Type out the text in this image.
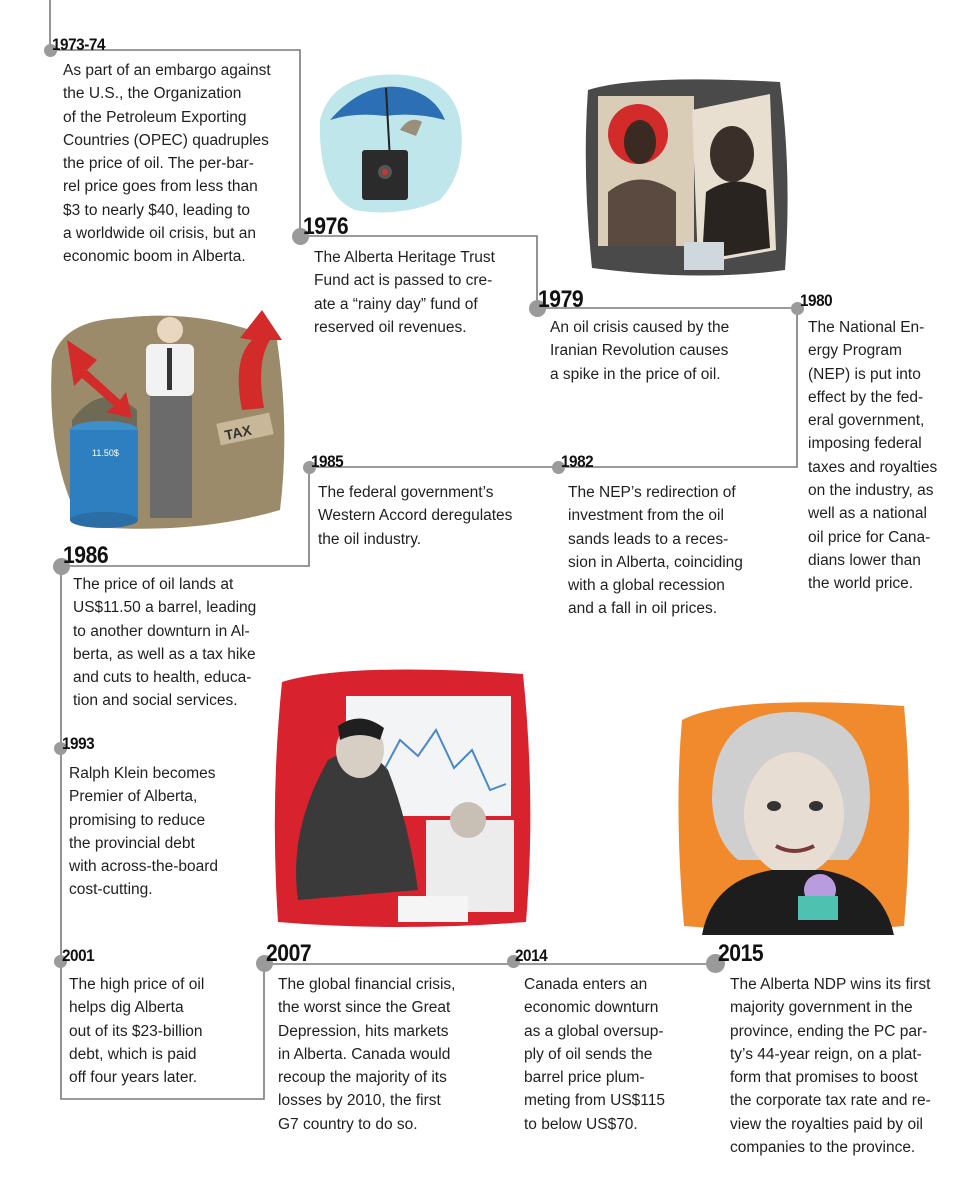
11.50$
TAX
1973-74
1976
1979	1980
1985	1982
1986
1993
2001	2007	2014	2015
As part of an embargo against
the U.S., the Organization
of the Petroleum Exporting
Countries (OPEC) quadruples
the price of oil. The per-bar-
rel price goes from less than
$3 to nearly $40, leading to
a worldwide oil crisis, but an
economic boom in Alberta.	The Alberta Heritage Trust
Fund act is passed to cre-
ate a “rainy day” fund of
reserved oil revenues.	An oil crisis caused by the
Iranian Revolution causes
a spike in the price of oil.
The National En-
ergy Program
(NEP) is put into
effect by the fed-
eral government,
imposing federal
taxes and royalties
on the industry, as
well as a national
oil price for Cana-
dians lower than
the world price.
The federal government’s
Western Accord deregulates
the oil industry.
The NEP’s redirection of
investment from the oil
sands leads to a reces-
sion in Alberta, coinciding
with a global recession
and a fall in oil prices.
The price of oil lands at
US$11.50 a barrel, leading
to another downturn in Al-
berta, as well as a tax hike
and cuts to health, educa-
tion and social services.
Ralph Klein becomes
Premier of Alberta,
promising to reduce
the provincial debt
with across-the-board
cost-cutting.
The high price of oil
helps dig Alberta
out of its $23-billion
debt, which is paid
off four years later.
The global financial crisis,
the worst since the Great
Depression, hits markets
in Alberta. Canada would
recoup the majority of its
losses by 2010, the first
G7 country to do so.
Canada enters an
economic downturn
as a global oversup-
ply of oil sends the
barrel price plum-
meting from US$115
to below US$70.
The Alberta NDP wins its first
majority government in the
province, ending the PC par-
ty’s 44-year reign, on a plat-
form that promises to boost
the corporate tax rate and re-
view the royalties paid by oil
companies to the province.
